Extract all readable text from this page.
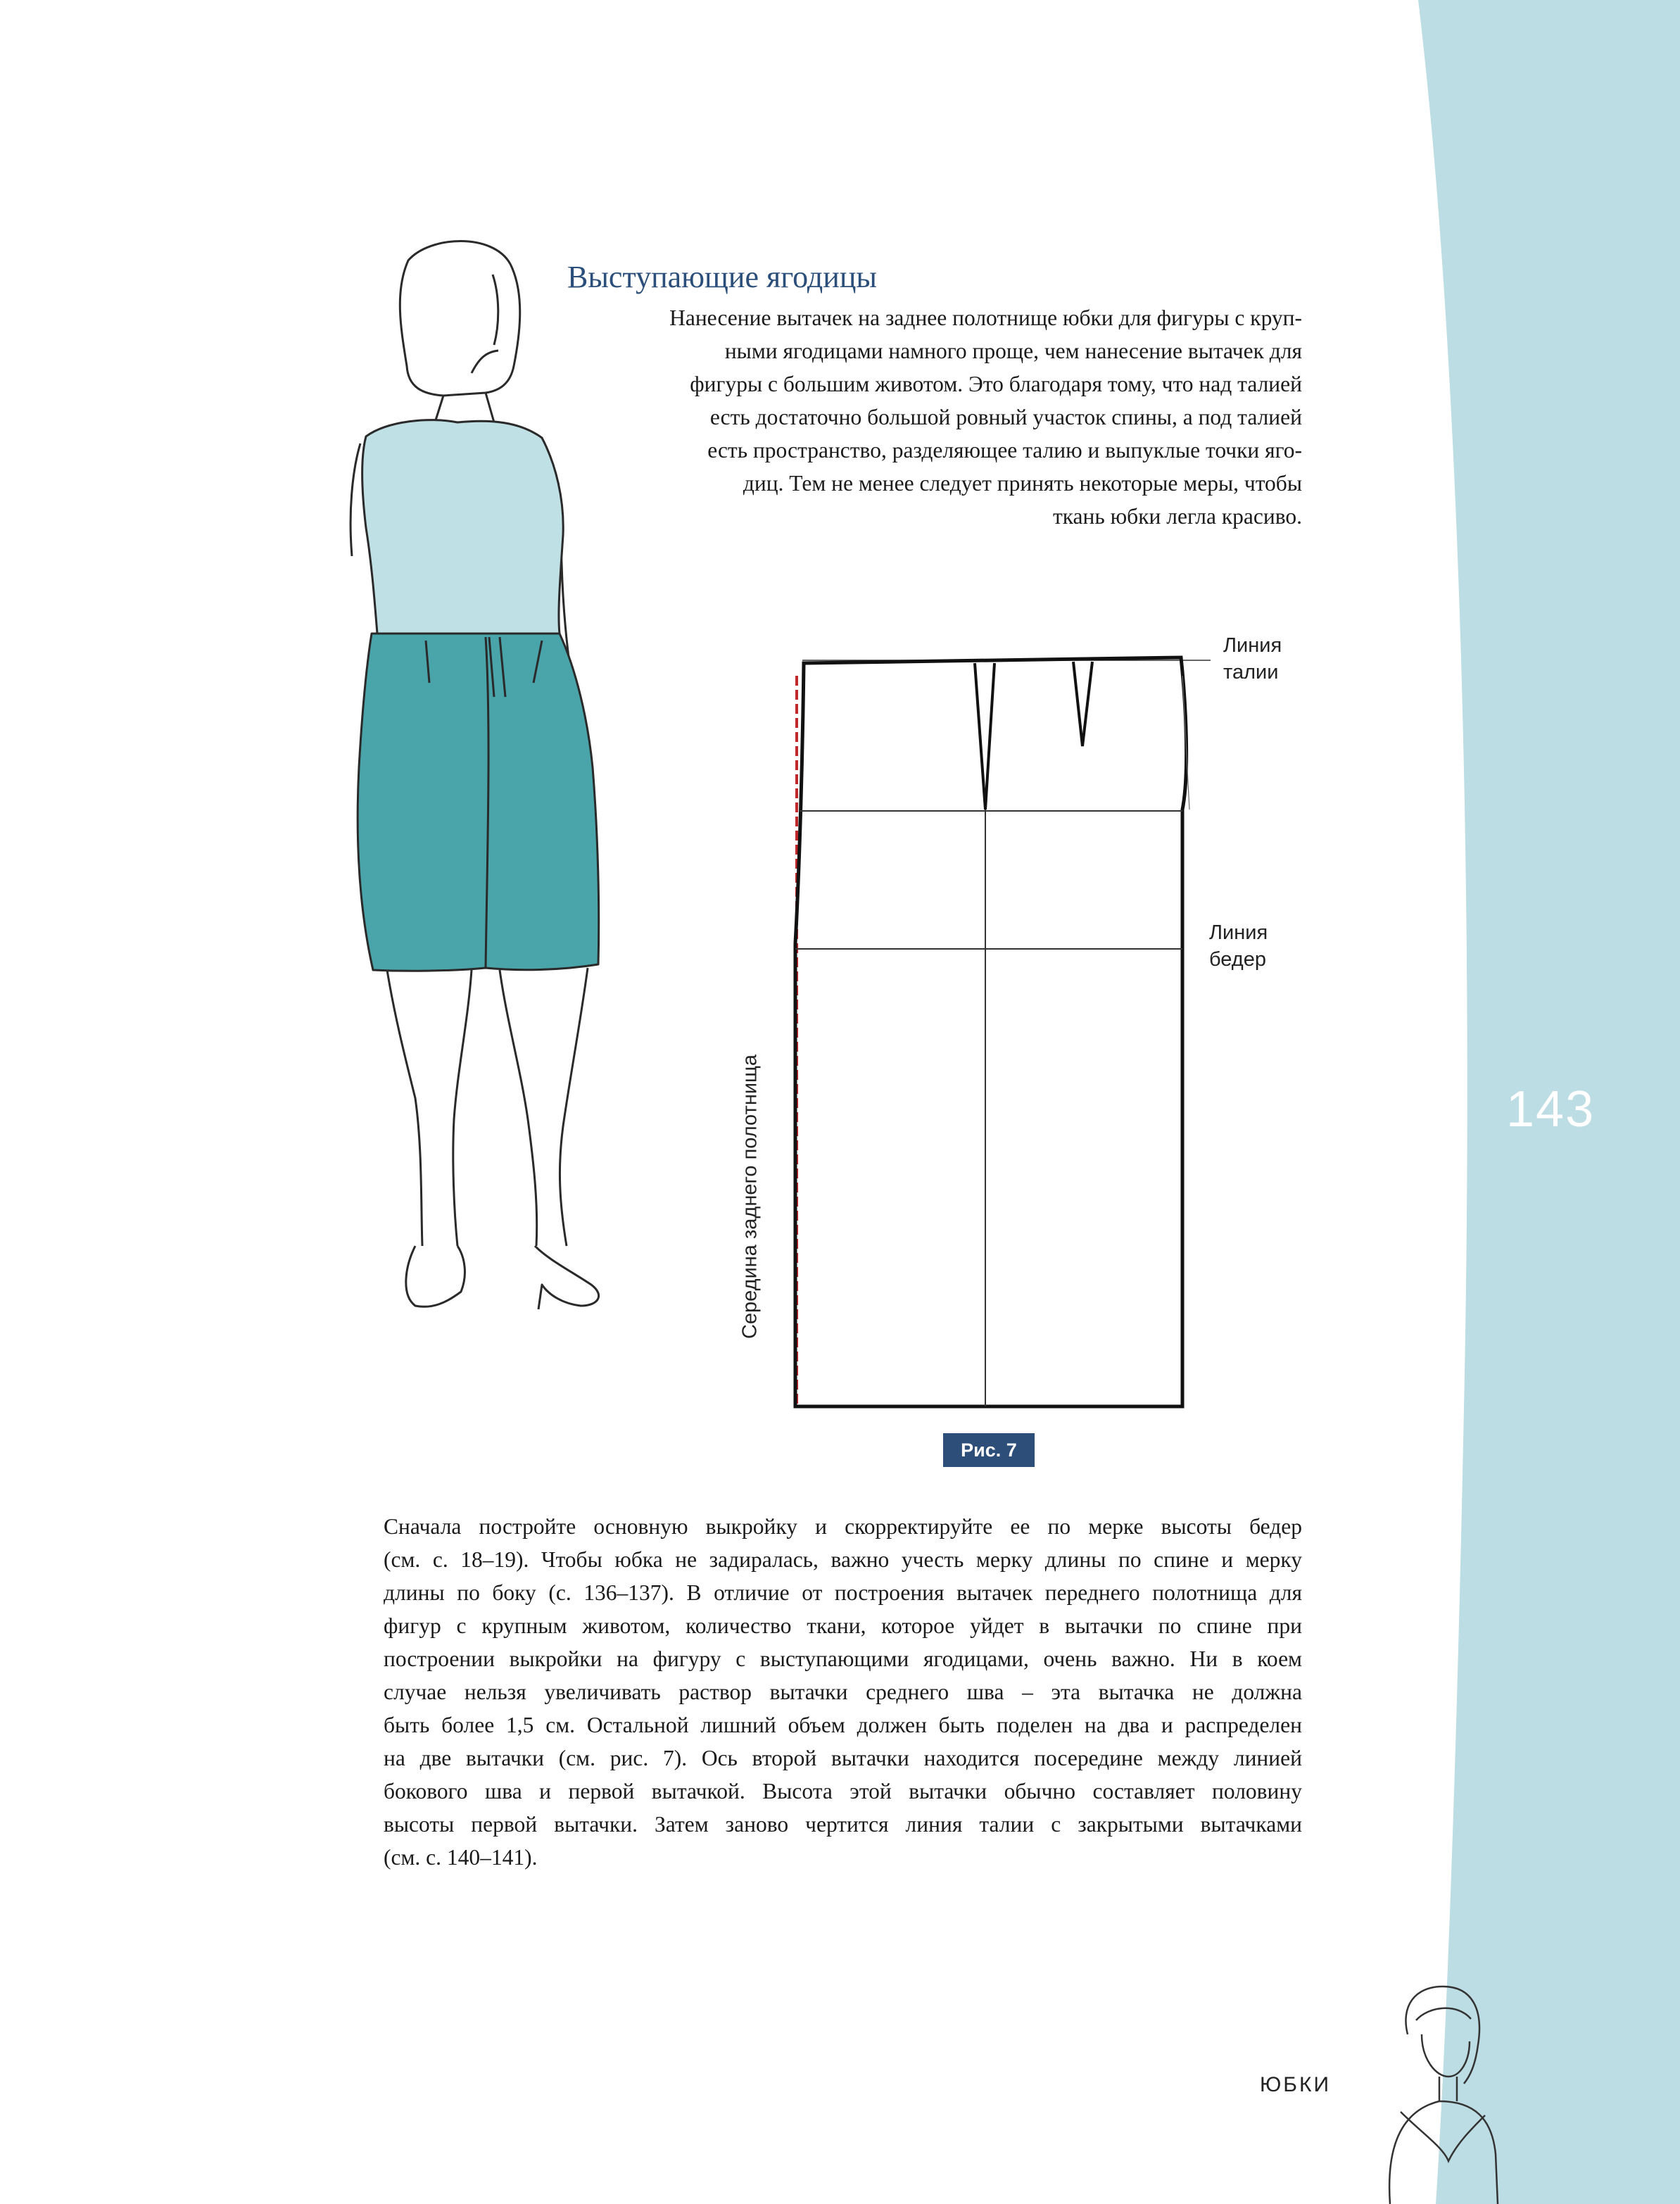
Выступающие ягодицы
Нанесение вытачек на заднее полотнище юбки для фигуры с круп-
ными ягодицами намного проще, чем нанесение вытачек для
фигуры с большим животом. Это благодаря тому, что над талией
есть достаточно большой ровный участок спины, а под талией
есть пространство, разделяющее талию и выпуклые точки яго-
диц. Тем не менее следует принять некоторые меры, чтобы
ткань юбки легла красиво.
Линия
талии
Линия
бедер
Середина заднего полотнища
Рис. 7
Сначала постройте основную выкройку и скорректируйте ее по мерке высоты бедер
(см. с. 18–19). Чтобы юбка не задиралась, важно учесть мерку длины по спине и мерку
длины по боку (с. 136–137). В отличие от построения вытачек переднего полотнища для
фигур с крупным животом, количество ткани, которое уйдет в вытачки по спине при
построении выкройки на фигуру с выступающими ягодицами, очень важно. Ни в коем
случае нельзя увеличивать раствор вытачки среднего шва – эта вытачка не должна
быть более 1,5 см. Остальной лишний объем должен быть поделен на два и распределен
на две вытачки (см. рис. 7). Ось второй вытачки находится посередине между линией
бокового шва и первой вытачкой. Высота этой вытачки обычно составляет половину
высоты первой вытачки. Затем заново чертится линия талии с закрытыми вытачками
(см. с. 140–141).
143
ЮБКИ
